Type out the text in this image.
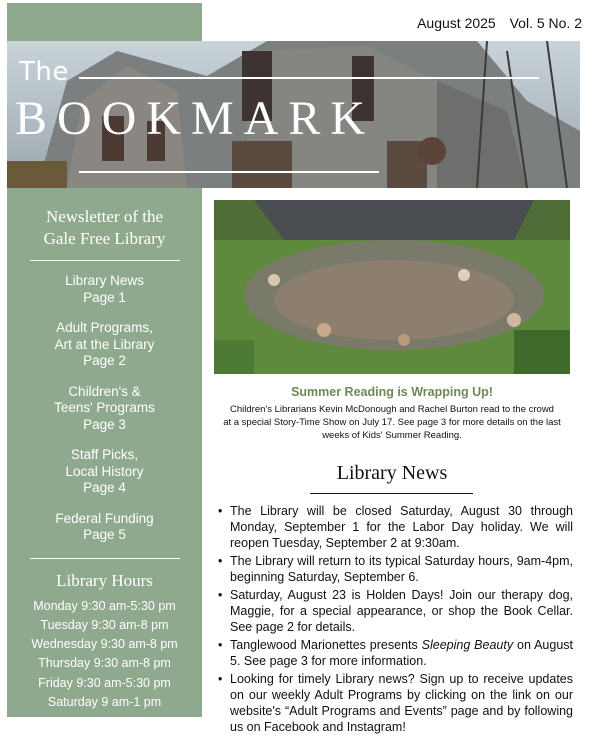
August 2025 Vol. 5 No. 2
The
BOOKMARK
Newsletter of the
Gale Free Library
Library News
Page 1
Adult Programs,
Art at the Library
Page 2
Children's &
Teens' Programs
Page 3
Staff Picks,
Local History
Page 4
Federal Funding
Page 5
Library Hours
Monday 9:30 am-5:30 pm
Tuesday 9:30 am-8 pm
Wednesday 9:30 am-8 pm
Thursday 9:30 am-8 pm
Friday 9:30 am-5:30 pm
Saturday 9 am-1 pm
Contact Us:
Summer Reading is Wrapping Up!
Children's Librarians Kevin McDonough and Rachel Burton read to the crowd
at a special Story-Time Show on July 17. See page 3 for more details on the last
weeks of Kids' Summer Reading.
Library News
• The Library will be closed Saturday, August 30 through Monday, September 1 for the Labor Day holiday. We will reopen Tuesday, September 2 at 9:30am.
• The Library will return to its typical Saturday hours, 9am-4pm, beginning Saturday, September 6.
• Saturday, August 23 is Holden Days! Join our therapy dog, Maggie, for a special appearance, or shop the Book Cellar. See page 2 for details.
• Tanglewood Marionettes presents Sleeping Beauty on August 5. See page 3 for more information.
• Looking for timely Library news? Sign up to receive updates on our weekly Adult Programs by clicking on the link on our website's “Adult Programs and Events” page and by following us on Facebook and Instagram!
